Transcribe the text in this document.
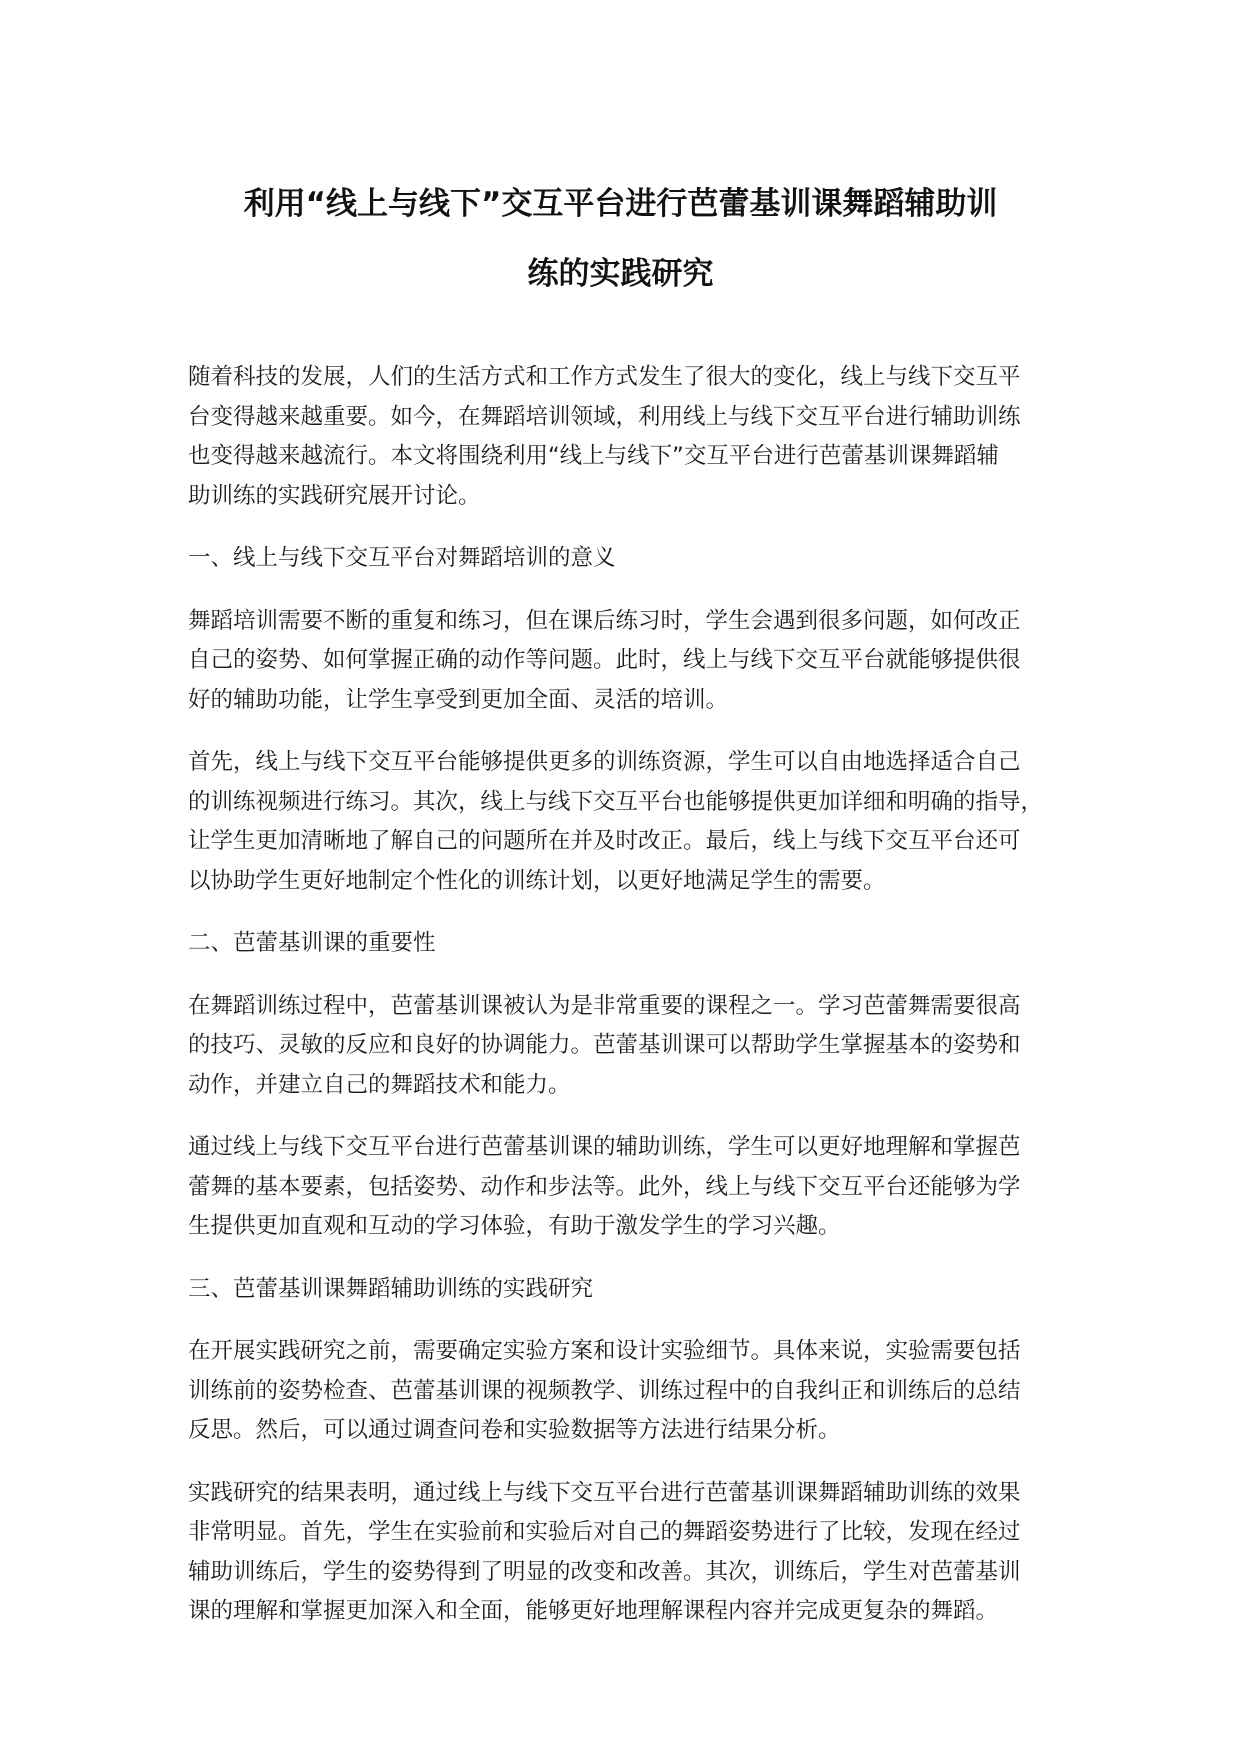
利用“线上与线下”交互平台进行芭蕾基训课舞蹈辅助训
练的实践研究

随着科技的发展，人们的生活方式和工作方式发生了很大的变化，线上与线下交互平
台变得越来越重要。如今，在舞蹈培训领域，利用线上与线下交互平台进行辅助训练
也变得越来越流行。本文将围绕利用“线上与线下”交互平台进行芭蕾基训课舞蹈辅
助训练的实践研究展开讨论。

一、线上与线下交互平台对舞蹈培训的意义

舞蹈培训需要不断的重复和练习，但在课后练习时，学生会遇到很多问题，如何改正
自己的姿势、如何掌握正确的动作等问题。此时，线上与线下交互平台就能够提供很
好的辅助功能，让学生享受到更加全面、灵活的培训。

首先，线上与线下交互平台能够提供更多的训练资源，学生可以自由地选择适合自己
的训练视频进行练习。其次，线上与线下交互平台也能够提供更加详细和明确的指导，
让学生更加清晰地了解自己的问题所在并及时改正。最后，线上与线下交互平台还可
以协助学生更好地制定个性化的训练计划，以更好地满足学生的需要。

二、芭蕾基训课的重要性

在舞蹈训练过程中，芭蕾基训课被认为是非常重要的课程之一。学习芭蕾舞需要很高
的技巧、灵敏的反应和良好的协调能力。芭蕾基训课可以帮助学生掌握基本的姿势和
动作，并建立自己的舞蹈技术和能力。

通过线上与线下交互平台进行芭蕾基训课的辅助训练，学生可以更好地理解和掌握芭
蕾舞的基本要素，包括姿势、动作和步法等。此外，线上与线下交互平台还能够为学
生提供更加直观和互动的学习体验，有助于激发学生的学习兴趣。

三、芭蕾基训课舞蹈辅助训练的实践研究

在开展实践研究之前，需要确定实验方案和设计实验细节。具体来说，实验需要包括
训练前的姿势检查、芭蕾基训课的视频教学、训练过程中的自我纠正和训练后的总结
反思。然后，可以通过调查问卷和实验数据等方法进行结果分析。

实践研究的结果表明，通过线上与线下交互平台进行芭蕾基训课舞蹈辅助训练的效果
非常明显。首先，学生在实验前和实验后对自己的舞蹈姿势进行了比较，发现在经过
辅助训练后，学生的姿势得到了明显的改变和改善。其次，训练后，学生对芭蕾基训
课的理解和掌握更加深入和全面，能够更好地理解课程内容并完成更复杂的舞蹈。
